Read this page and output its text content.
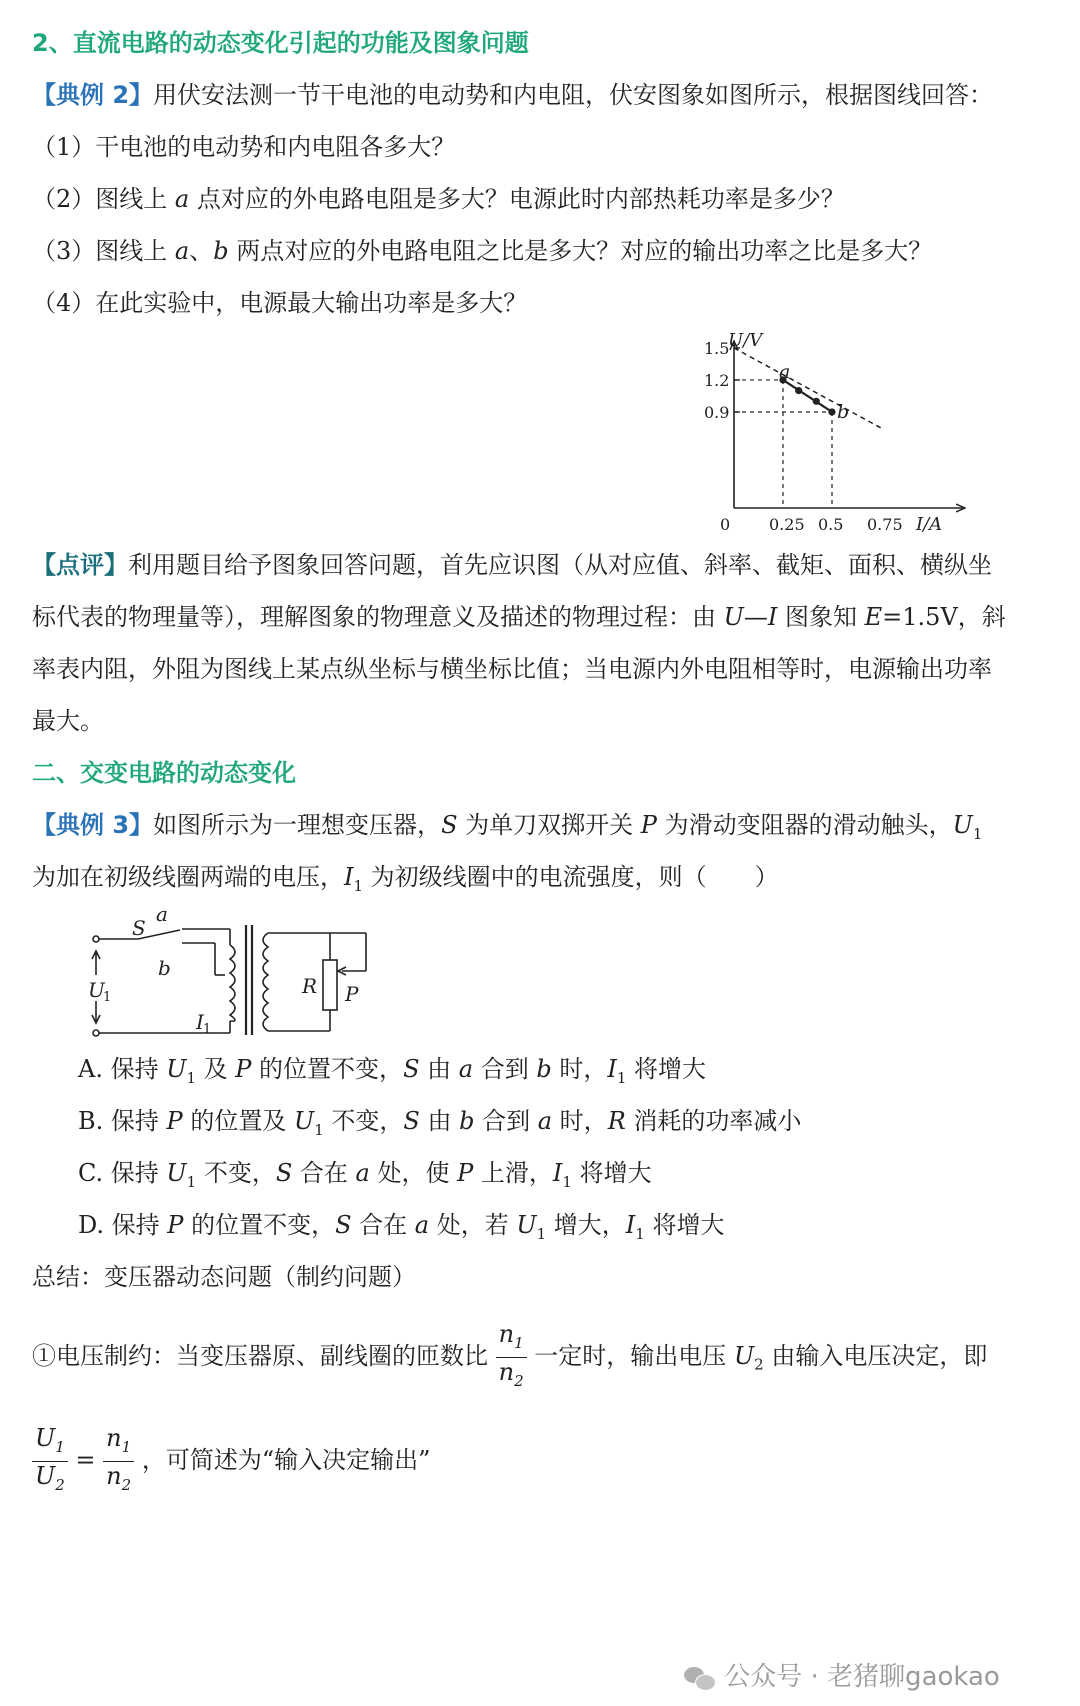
2、直流电路的动态变化引起的功能及图象问题
【典例 2】用伏安法测一节干电池的电动势和内电阻，伏安图象如图所示，根据图线回答：
（1）干电池的电动势和内电阻各多大？
（2）图线上 a 点对应的外电路电阻是多大？电源此时内部热耗功率是多少？
（3）图线上 a、b 两点对应的外电路电阻之比是多大？对应的输出功率之比是多大？
（4）在此实验中，电源最大输出功率是多大？
U/V
I/A
0 0.25 0.5 0.75
1.5
1.2
0.9
a
b
【点评】利用题目给予图象回答问题，首先应识图（从对应值、斜率、截矩、面积、横纵坐
标代表的物理量等），理解图象的物理意义及描述的物理过程：由 U—I 图象知 E=1.5V，斜
率表内阻，外阻为图线上某点纵坐标与横坐标比值；当电源内外电阻相等时，电源输出功率
最大。
二、交变电路的动态变化
【典例 3】如图所示为一理想变压器，S 为单刀双掷开关 P 为滑动变阻器的滑动触头，$U_1$
为加在初级线圈两端的电压，$I_1$ 为初级线圈中的电流强度，则（　　）
S
a
b
U
1
I 1
R P
A. 保持 $U_1$ 及 P 的位置不变，S 由 a 合到 b 时，$I_1$ 将增大
B. 保持 P 的位置及 $U_1$ 不变，S 由 b 合到 a 时，R 消耗的功率减小
C. 保持 $U_1$ 不变，S 合在 a 处，使 P 上滑，$I_1$ 将增大
D. 保持 P 的位置不变，S 合在 a 处，若 $U_1$ 增大，$I_1$ 将增大
总结：变压器动态问题（制约问题）
①电压制约：当变压器原、副线圈的匝数比 $\frac{n_1}{n_2}$ 一定时，输出电压 $U_2$ 由输入电压决定，即
$\frac{U_1}{U_2} = \frac{n_1}{n_2}$ ，可简述为“输入决定输出”
公众号 · 老猪聊gaokao
